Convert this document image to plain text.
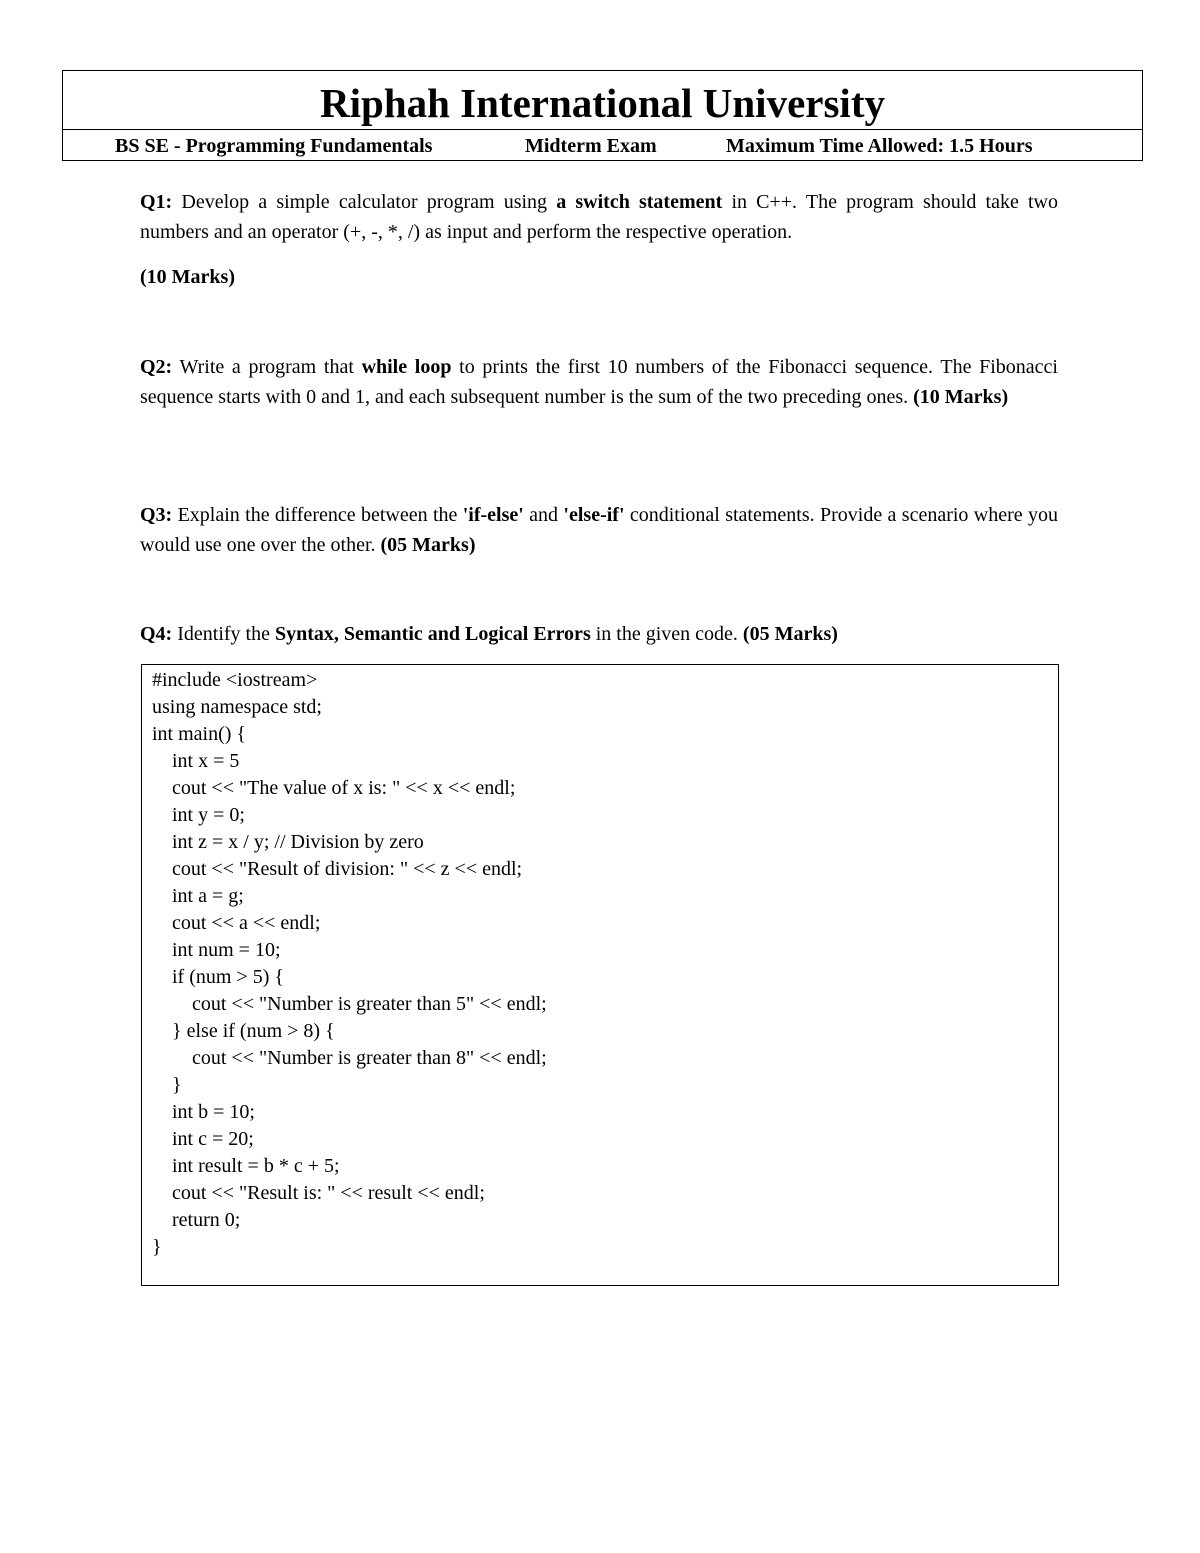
Riphah International University
BS SE - Programming Fundamentals	Midterm Exam	Maximum Time Allowed: 1.5 Hours
Q1: Develop a simple calculator program using a switch statement in C++. The program should take two numbers and an operator (+, -, *, /) as input and perform the respective operation.
(10 Marks)
Q2: Write a program that while loop to prints the first 10 numbers of the Fibonacci sequence. The Fibonacci sequence starts with 0 and 1, and each subsequent number is the sum of the two preceding ones. (10 Marks)
Q3: Explain the difference between the 'if-else' and 'else-if' conditional statements. Provide a scenario where you would use one over the other. (05 Marks)
Q4: Identify the Syntax, Semantic and Logical Errors in the given code. (05 Marks)
#include <iostream>
using namespace std;
int main() {
int x = 5
cout << "The value of x is: " << x << endl;
int y = 0;
int z = x / y; // Division by zero
cout << "Result of division: " << z << endl;
int a = g;
cout << a << endl;
int num = 10;
if (num > 5) {
cout << "Number is greater than 5" << endl;
} else if (num > 8) {
cout << "Number is greater than 8" << endl;
}
int b = 10;
int c = 20;
int result = b * c + 5;
cout << "Result is: " << result << endl;
return 0;
}
